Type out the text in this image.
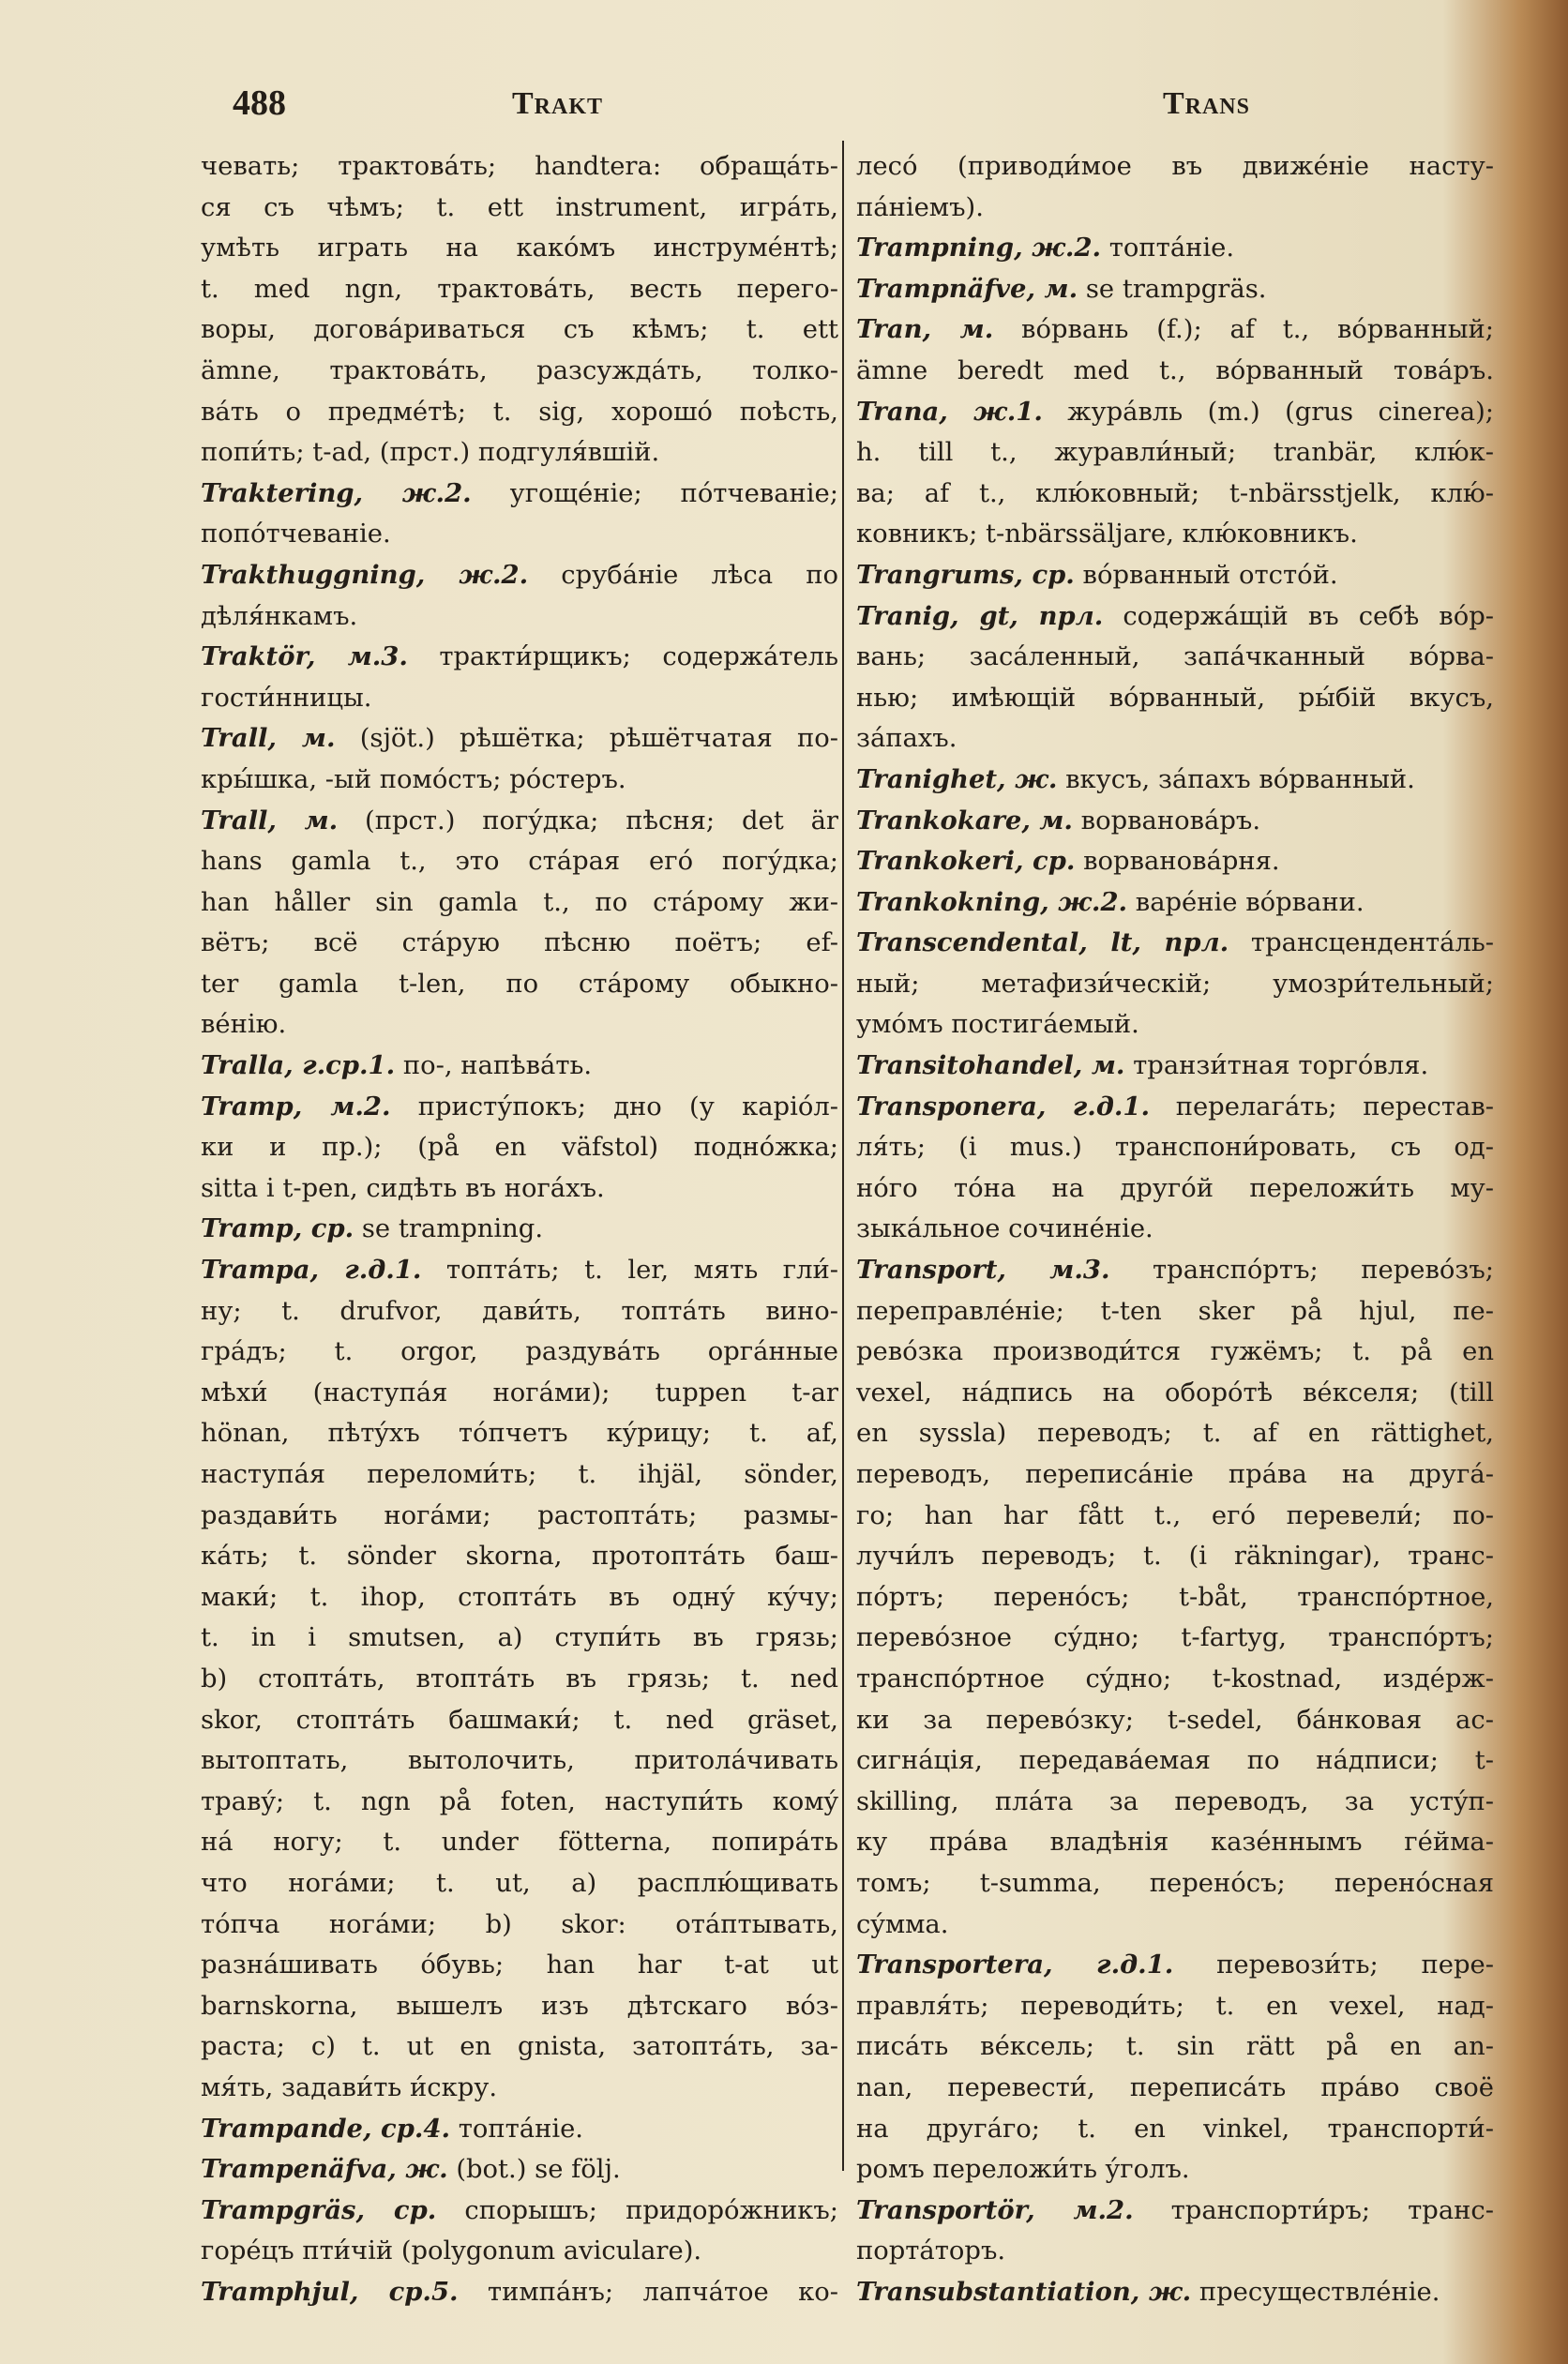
488	Trakt	Trans
чевать; трактовáть; handtera: обращáть-
ся съ чѣмъ; t. ett instrument, игрáть,
умѣть играть на какóмъ инструмéнтѣ;
t. med ngn, трактовáть, весть перего-
воры, договáриваться съ кѣмъ; t. ett
ämne, трактовáть, разсуждáть, толко-
вáть о предмéтѣ; t. sig, хорошó поѣсть,
попи́ть; t-ad, (прст.) подгуля́вшій.
Traktering, ж.2. угощéніе; пóтчеваніе;
попóтчеваніе.
Trakthuggning, ж.2. срубáніе лѣса по
дѣля́нкамъ.
Traktör, м.3. тракти́рщикъ; содержáтель
гости́нницы.
Trall, м. (sjöt.) рѣшётка; рѣшётчатая по-
кры́шка, -ый помóстъ; рóстеръ.
Trall, м. (прст.) погýдка; пѣсня; det är
hans gamla t., это стáрая егó погýдка;
han håller sin gamla t., по стáрому жи-
вётъ; всё стáрую пѣсню поётъ; ef-
ter gamla t-len, по стáрому обыкно-
вéнію.
Tralla, г.ср.1. по-, напѣвáть.
Tramp, м.2. присту́покъ; дно (у каріóл-
ки и пр.); (på en väfstol) поднóжка;
sitta i t-pen, сидѣть въ ногáхъ.
Tramp, ср. se trampning.
Trampa, г.д.1. топтáть; t. ler, мять гли́-
ну; t. drufvor, дави́ть, топтáть вино-
грáдъ; t. orgor, раздувáть оргáнные
мѣхи́ (наступáя ногáми); tuppen t-ar
hönan, пѣтýхъ тóпчетъ кýрицу; t. af,
наступáя переломи́ть; t. ihjäl, sönder,
раздави́ть ногáми; растоптáть; размы-
кáть; t. sönder skorna, протоптáть баш-
маки́; t. ihop, стоптáть въ однý кýчу;
t. in i smutsen, а) ступи́ть въ грязь;
b) стоптáть, втоптáть въ грязь; t. ned
skor, стоптáть башмаки́; t. ned gräset,
вытоптать, вытолочить, притолáчивать
травý; t. ngn på foten, наступи́ть комý
нá ногу; t. under fötterna, попирáть
что ногáми; t. ut, а) расплю́щивать
тóпча ногáми; b) skor: отáптывать,
разнáшивать óбувь; han har t-at ut
barnskorna, вышелъ изъ дѣтскаго вóз-
раста; c) t. ut en gnista, затоптáть, за-
мя́ть, задави́ть и́скру.
Trampande, ср.4. топтáніе.
Trampenäfva, ж. (bot.) se följ.
Trampgräs, ср. спорышъ; придорóжникъ;
горéцъ пти́чій (polygonum aviculare).
Tramphjul, ср.5. тимпáнъ; лапчáтое ко-
лесó (приводи́мое въ движéніе насту-
пáніемъ).
Trampning, ж.2. топтáніе.
Trampnäfve, м. se trampgräs.
Tran, м. вóрвань (f.); af t., вóрванный;
ämne beredt med t., вóрванный товáръ.
Trana, ж.1. журáвль (m.) (grus cinerea);
h. till t., журавли́ный; tranbär, клю́к-
ва; af t., клю́ковный; t-nbärsstjelk, клю́-
ковникъ; t-nbärssäljare, клю́ковникъ.
Trangrums, ср. вóрванный отстóй.
Tranig, gt, прл. содержáщій въ себѣ вóр-
вань; засáленный, запáчканный вóрва-
нью; имѣющій вóрванный, ры́бій вкусъ,
зáпахъ.
Tranighet, ж. вкусъ, зáпахъ вóрванный.
Trankokare, м. ворвановáръ.
Trankokeri, ср. ворвановáрня.
Trankokning, ж.2. варéніе вóрвани.
Transcendental, lt, прл. трансцендентáль-
ный; метафизи́ческій; умозри́тельный;
умóмъ постигáемый.
Transitohandel, м. транзи́тная торгóвля.
Transponera, г.д.1. перелагáть; перестав-
ля́ть; (i mus.) транспони́ровать, съ од-
нóго тóна на другóй переложи́ть му-
зыкáльное сочинéніе.
Transport, м.3. транспóртъ; перевóзъ;
переправлéніе; t-ten sker på hjul, пе-
ревóзка производи́тся гужёмъ; t. på en
vexel, нáдпись на оборóтѣ вéкселя; (till
en syssla) переводъ; t. af en rättighet,
переводъ, переписáніе прáва на другá-
го; han har fått t., егó перевели́; по-
лучи́лъ переводъ; t. (i räkningar), транс-
пóртъ; перенóсъ; t-båt, транспóртное,
перевóзное сýдно; t-fartyg, транспóртъ;
транспóртное сýдно; t-kostnad, издéрж-
ки за перевóзку; t-sedel, бáнковая ас-
сигнáція, передавáемая по нáдписи; t-
skilling, плáта за переводъ, за устýп-
ку прáва владѣнія казéннымъ гéйма-
томъ; t-summa, перенóсъ; перенóсная
сýмма.
Transportera, г.д.1. перевози́ть; пере-
правля́ть; переводи́ть; t. en vexel, над-
писáть вéксель; t. sin rätt på en an-
nan, перевести́, переписáть прáво своё
на другáго; t. en vinkel, транспорти́-
ромъ переложи́ть ýголъ.
Transportör, м.2. транспорти́ръ; транс-
портáторъ.
Transubstantiation, ж. пресуществлéніе.
